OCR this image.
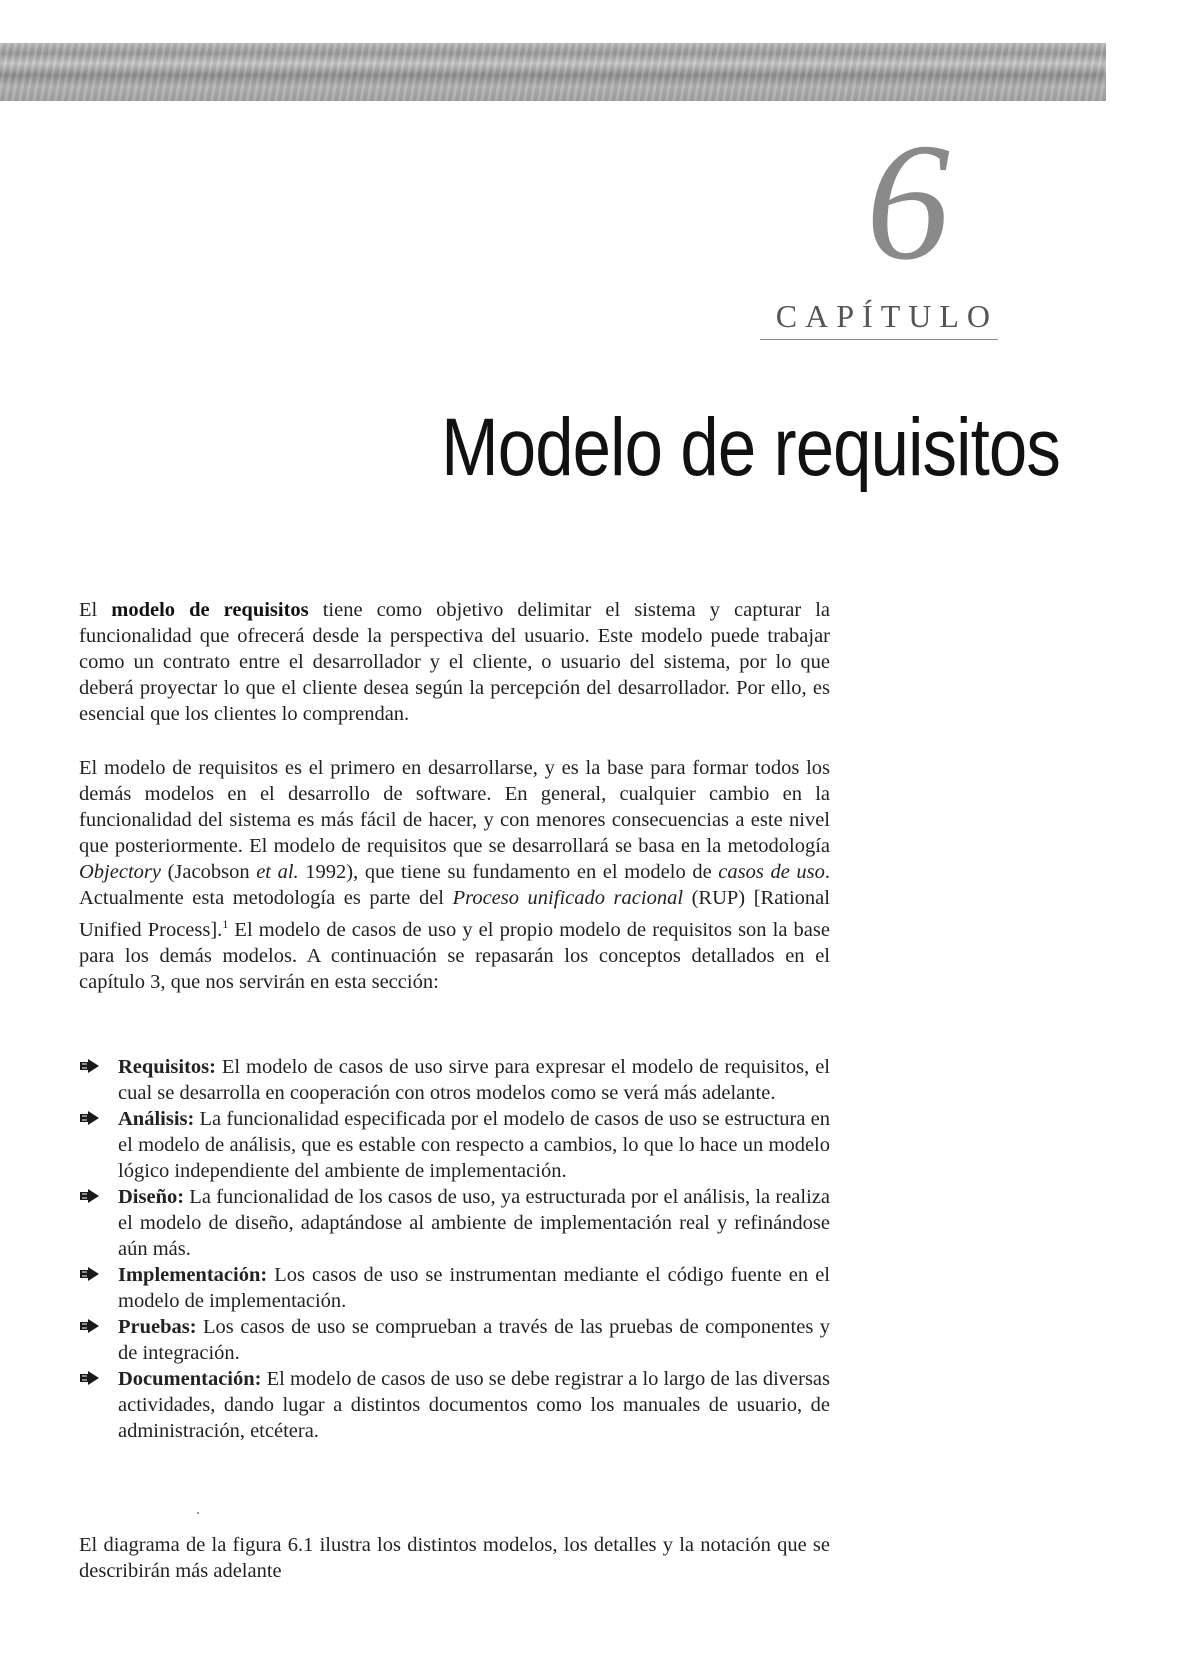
6
CAPÍTULO
Modelo de requisitos

El modelo de requisitos tiene como objetivo delimitar el sistema y capturar la funcionalidad que ofrecerá desde la perspectiva del usuario. Este modelo puede trabajar como un contrato entre el desarrollador y el cliente, o usuario del sistema, por lo que deberá proyectar lo que el cliente desea según la percepción del desarrollador. Por ello, es esencial que los clientes lo comprendan.

El modelo de requisitos es el primero en desarrollarse, y es la base para formar todos los demás modelos en el desarrollo de software. En general, cualquier cambio en la funcionalidad del sistema es más fácil de hacer, y con menores consecuencias a este nivel que posteriormente. El modelo de requisitos que se desarrollará se basa en la metodología Objectory (Jacobson et al. 1992), que tiene su fundamento en el modelo de casos de uso. Actualmente esta metodología es parte del Proceso unificado racional (RUP) [Rational Unified Process].$^1$ El modelo de casos de uso y el propio modelo de requisitos son la base para los demás modelos. A continuación se repasarán los conceptos detallados en el capítulo 3, que nos servirán en esta sección:

Requisitos: El modelo de casos de uso sirve para expresar el modelo de requisitos, el cual se desarrolla en cooperación con otros modelos como se verá más adelante.
Análisis: La funcionalidad especificada por el modelo de casos de uso se estructura en el modelo de análisis, que es estable con respecto a cambios, lo que lo hace un modelo lógico independiente del ambiente de implementación.
Diseño: La funcionalidad de los casos de uso, ya estructurada por el análisis, la realiza el modelo de diseño, adaptándose al ambiente de implementación real y refinándose aún más.
Implementación: Los casos de uso se instrumentan mediante el código fuente en el modelo de implementación.
Pruebas: Los casos de uso se comprueban a través de las pruebas de componentes y de integración.
Documentación: El modelo de casos de uso se debe registrar a lo largo de las diversas actividades, dando lugar a distintos documentos como los manuales de usuario, de administración, etcétera.

El diagrama de la figura 6.1 ilustra los distintos modelos, los detalles y la notación que se describirán más adelante
